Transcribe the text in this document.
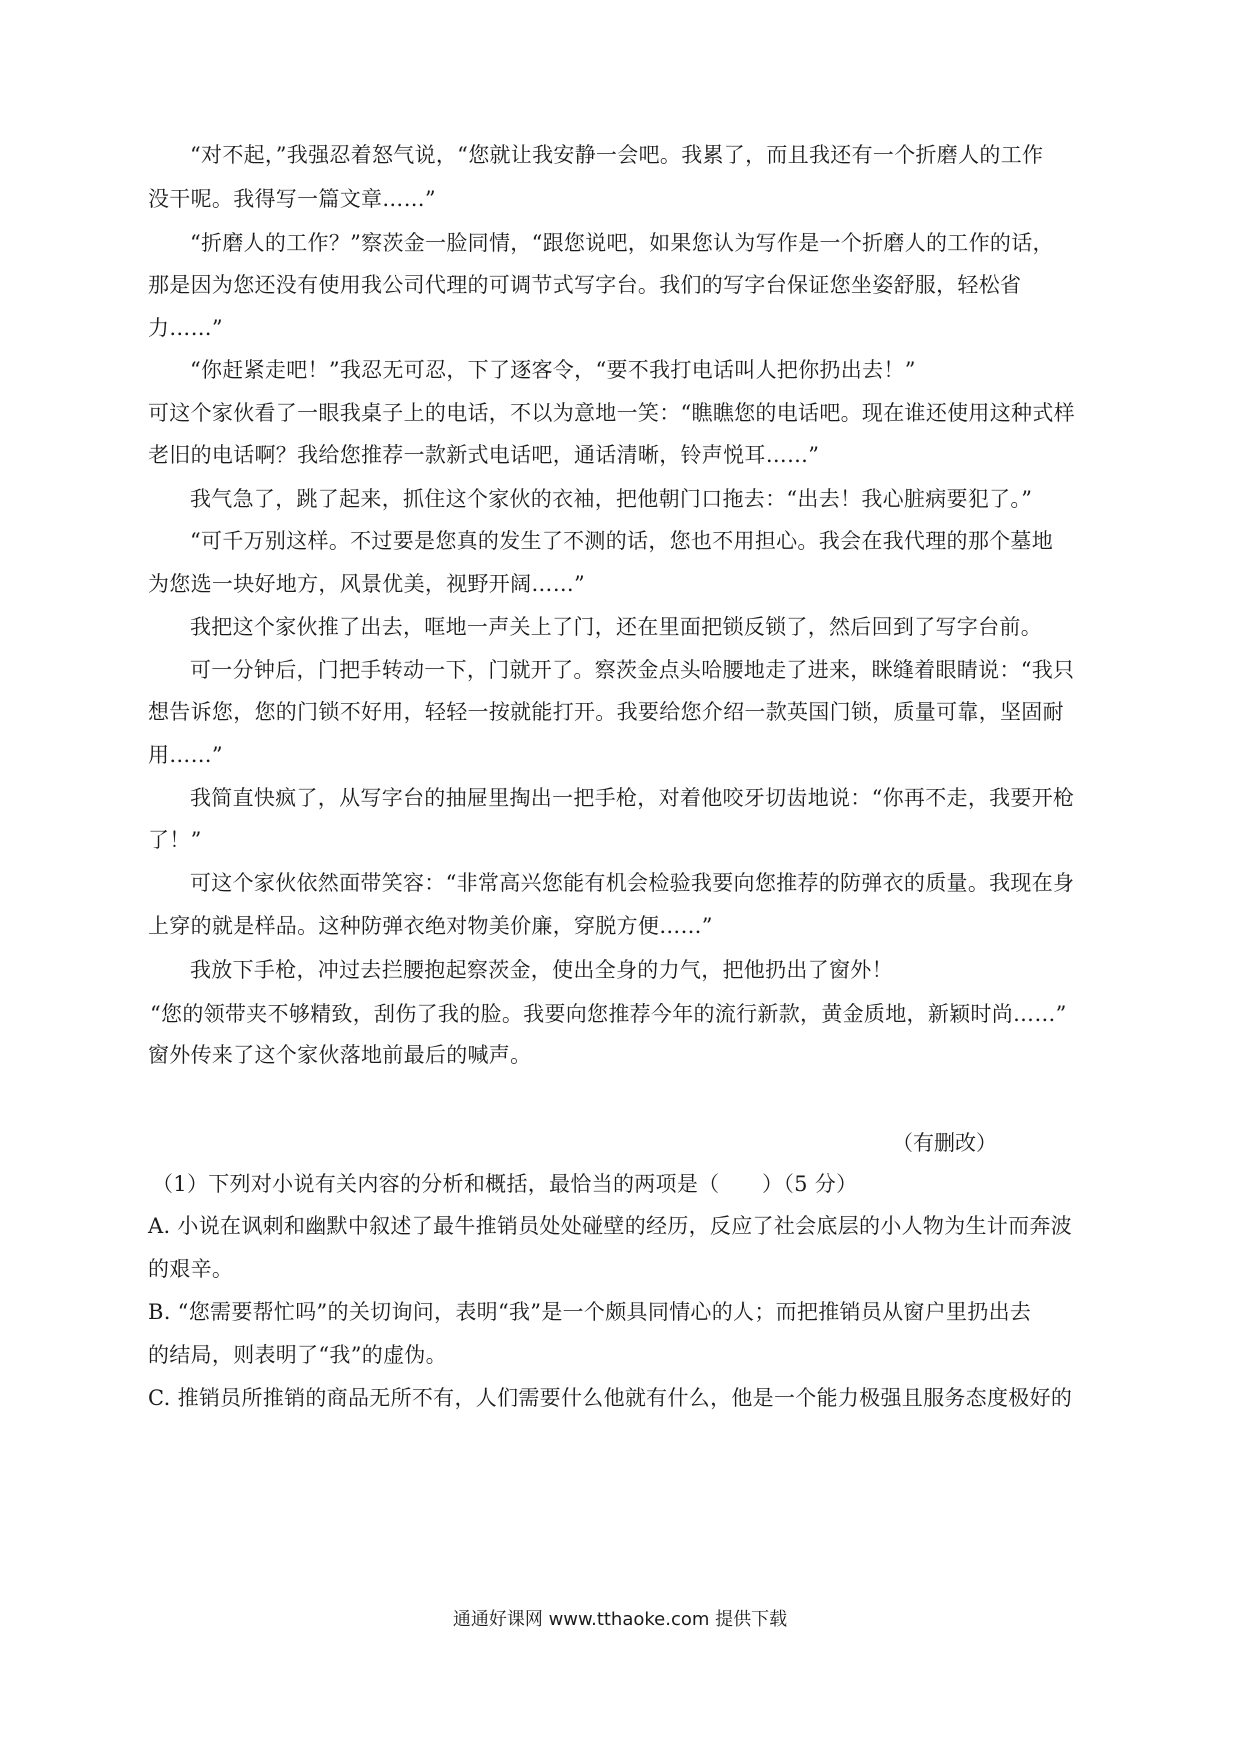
“对不起，”我强忍着怒气说，“您就让我安静一会吧。我累了，而且我还有一个折磨人的工作
没干呢。我得写一篇文章……”
“折磨人的工作？”察茨金一脸同情，“跟您说吧，如果您认为写作是一个折磨人的工作的话，
那是因为您还没有使用我公司代理的可调节式写字台。我们的写字台保证您坐姿舒服，轻松省
力……”
“你赶紧走吧！”我忍无可忍，下了逐客令，“要不我打电话叫人把你扔出去！”
可这个家伙看了一眼我桌子上的电话，不以为意地一笑：“瞧瞧您的电话吧。现在谁还使用这种式样
老旧的电话啊？我给您推荐一款新式电话吧，通话清晰，铃声悦耳……”
我气急了，跳了起来，抓住这个家伙的衣袖，把他朝门口拖去：“出去！我心脏病要犯了。”
“可千万别这样。不过要是您真的发生了不测的话，您也不用担心。我会在我代理的那个墓地
为您选一块好地方，风景优美，视野开阔……”
我把这个家伙推了出去，哐地一声关上了门，还在里面把锁反锁了，然后回到了写字台前。
可一分钟后，门把手转动一下，门就开了。察茨金点头哈腰地走了进来，眯缝着眼睛说：“我只
想告诉您，您的门锁不好用，轻轻一按就能打开。我要给您介绍一款英国门锁，质量可靠，坚固耐
用……”
我简直快疯了，从写字台的抽屉里掏出一把手枪，对着他咬牙切齿地说：“你再不走，我要开枪
了！”
可这个家伙依然面带笑容：“非常高兴您能有机会检验我要向您推荐的防弹衣的质量。我现在身
上穿的就是样品。这种防弹衣绝对物美价廉，穿脱方便……”
我放下手枪，冲过去拦腰抱起察茨金，使出全身的力气，把他扔出了窗外！
“您的领带夹不够精致，刮伤了我的脸。我要向您推荐今年的流行新款，黄金质地，新颖时尚……”
窗外传来了这个家伙落地前最后的喊声。
（有删改）
（1）下列对小说有关内容的分析和概括，最恰当的两项是（　　）（5 分）
A. 小说在讽刺和幽默中叙述了最牛推销员处处碰壁的经历，反应了社会底层的小人物为生计而奔波
的艰辛。
B. “您需要帮忙吗”的关切询问，表明“我”是一个颇具同情心的人；而把推销员从窗户里扔出去
的结局，则表明了“我”的虚伪。
C. 推销员所推销的商品无所不有，人们需要什么他就有什么，他是一个能力极强且服务态度极好的
通通好课网 www.tthaoke.com 提供下载
